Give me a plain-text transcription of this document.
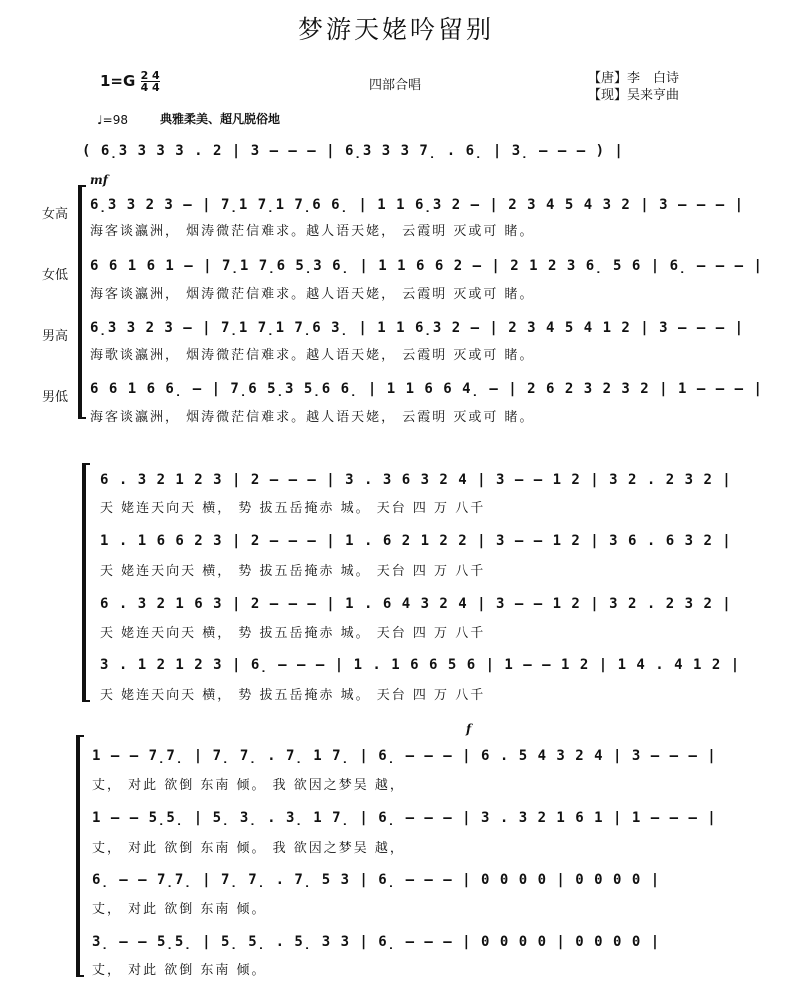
梦游天姥吟留别
$1=G \frac{2 4}{4 4}$	四部合唱	【唐】李　白诗
【现】吴来亨曲
♩=98	典雅柔美、超凡脱俗地
( 6̣3 3 3 3 . 2 | 3 – – – | 6̣3 3 3 7̣ . 6̣ | 3̣ – – – ) |
mf
女高
6̣3 3 2 3 – | 7̣1 7̣1 7̣6 6̣ | 1 1 6̣3 2 – | 2 3 4 5 4 3 2 | 3 – – – |
海客谈瀛洲， 烟涛微茫信难求。越人语天姥， 云霞明 灭或可 睹。
女低
6 6 1 6 1 – | 7̣1 7̣6 5̣3 6̣ | 1 1 6 6 2 – | 2 1 2 3 6̣ 5 6 | 6̣ – – – |
海客谈瀛洲， 烟涛微茫信难求。越人语天姥， 云霞明 灭或可 睹。
男高
6̣3 3 2 3 – | 7̣1 7̣1 7̣6 3̣ | 1 1 6̣3 2 – | 2 3 4 5 4 1 2 | 3 – – – |
海歌谈瀛洲， 烟涛微茫信难求。越人语天姥， 云霞明 灭或可 睹。
男低
6 6 1 6 6̣ – | 7̣6 5̣3 5̣6 6̣ | 1 1 6 6 4̣ – | 2 6 2 3 2 3 2 | 1 – – – |
海客谈瀛洲， 烟涛微茫信难求。越人语天姥， 云霞明 灭或可 睹。
6 . 3 2 1 2 3 | 2 – – – | 3 . 3 6 3 2 4 | 3 – – 1 2 | 3 2 . 2 3 2 |
天 姥连天向天 横， 势 拔五岳掩赤 城。 天台 四 万 八千
1 . 1 6 6 2 3 | 2 – – – | 1 . 6 2 1 2 2 | 3 – – 1 2 | 3 6 . 6 3 2 |
天 姥连天向天 横， 势 拔五岳掩赤 城。 天台 四 万 八千
6 . 3 2 1 6 3 | 2 – – – | 1 . 6 4 3 2 4 | 3 – – 1 2 | 3 2 . 2 3 2 |
天 姥连天向天 横， 势 拔五岳掩赤 城。 天台 四 万 八千
3 . 1 2 1 2 3 | 6̣ – – – | 1 . 1 6 6 5 6 | 1 – – 1 2 | 1 4 . 4 1 2 |
天 姥连天向天 横， 势 拔五岳掩赤 城。 天台 四 万 八千
f
1 – – 7̣7̣ | 7̣ 7̣ . 7̣ 1 7̣ | 6̣ – – – | 6 . 5 4 3 2 4 | 3 – – – |
丈， 对此 欲倒 东南 倾。 我 欲因之梦吴 越，
1 – – 5̣5̣ | 5̣ 3̣ . 3̣ 1 7̣ | 6̣ – – – | 3 . 3 2 1 6 1 | 1 – – – |
丈， 对此 欲倒 东南 倾。 我 欲因之梦吴 越，
6̣ – – 7̣7̣ | 7̣ 7̣ . 7̣ 5 3 | 6̣ – – – | 0 0 0 0 | 0 0 0 0 |
丈， 对此 欲倒 东南 倾。
3̣ – – 5̣5̣ | 5̣ 5̣ . 5̣ 3 3 | 6̣ – – – | 0 0 0 0 | 0 0 0 0 |
丈， 对此 欲倒 东南 倾。
